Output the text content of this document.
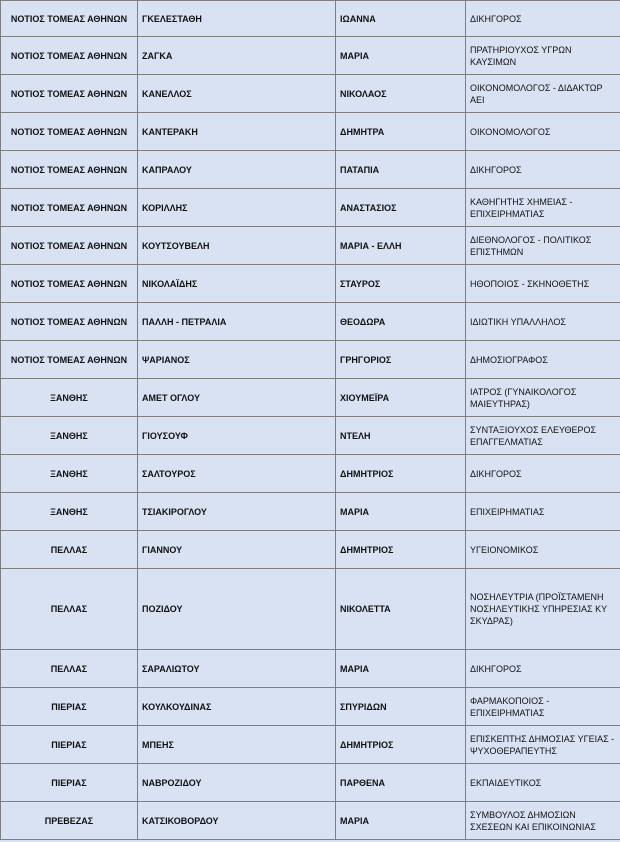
ΝΟΤΙΟΣ ΤΟΜΕΑΣ ΑΘΗΝΩΝ	ΓΚΕΛΕΣΤΑΘΗ	ΙΩΑΝΝΑ	ΔΙΚΗΓΟΡΟΣ
ΝΟΤΙΟΣ ΤΟΜΕΑΣ ΑΘΗΝΩΝ	ΖΑΓΚΑ	ΜΑΡΙΑ	ΠΡΑΤΗΡΙΟΥΧΟΣ ΥΓΡΩΝ ΚΑΥΣΙΜΩΝ
ΝΟΤΙΟΣ ΤΟΜΕΑΣ ΑΘΗΝΩΝ	ΚΑΝΕΛΛΟΣ	ΝΙΚΟΛΑΟΣ	ΟΙΚΟΝΟΜΟΛΟΓΟΣ - ΔΙΔΑΚΤΩΡ ΑΕΙ
ΝΟΤΙΟΣ ΤΟΜΕΑΣ ΑΘΗΝΩΝ	ΚΑΝΤΕΡΑΚΗ	ΔΗΜΗΤΡΑ	ΟΙΚΟΝΟΜΟΛΟΓΟΣ
ΝΟΤΙΟΣ ΤΟΜΕΑΣ ΑΘΗΝΩΝ	ΚΑΠΡΑΛΟΥ	ΠΑΤΑΠΙΑ	ΔΙΚΗΓΟΡΟΣ
ΝΟΤΙΟΣ ΤΟΜΕΑΣ ΑΘΗΝΩΝ	ΚΟΡΙΛΛΗΣ	ΑΝΑΣΤΑΣΙΟΣ	ΚΑΘΗΓΗΤΗΣ ΧΗΜΕΙΑΣ - ΕΠΙΧΕΙΡΗΜΑΤΙΑΣ
ΝΟΤΙΟΣ ΤΟΜΕΑΣ ΑΘΗΝΩΝ	ΚΟΥΤΣΟΥΒΕΛΗ	ΜΑΡΙΑ - ΕΛΛΗ	ΔΙΕΘΝΟΛΟΓΟΣ - ΠΟΛΙΤΙΚΟΣ ΕΠΙΣΤΗΜΩΝ
ΝΟΤΙΟΣ ΤΟΜΕΑΣ ΑΘΗΝΩΝ	ΝΙΚΟΛΑΪΔΗΣ	ΣΤΑΥΡΟΣ	ΗΘΟΠΟΙΟΣ - ΣΚΗΝΟΘΕΤΗΣ
ΝΟΤΙΟΣ ΤΟΜΕΑΣ ΑΘΗΝΩΝ	ΠΑΛΛΗ - ΠΕΤΡΑΛΙΑ	ΘΕΟΔΩΡΑ	ΙΔΙΩΤΙΚΗ ΥΠΑΛΛΗΛΟΣ
ΝΟΤΙΟΣ ΤΟΜΕΑΣ ΑΘΗΝΩΝ	ΨΑΡΙΑΝΟΣ	ΓΡΗΓΟΡΙΟΣ	ΔΗΜΟΣΙΟΓΡΑΦΟΣ
ΞΑΝΘΗΣ	ΑΜΕΤ ΟΓΛΟΥ	ΧΙΟΥΜΕΪΡΑ	ΙΑΤΡΟΣ (ΓΥΝΑΙΚΟΛΟΓΟΣ ΜΑΙΕΥΤΗΡΑΣ)
ΞΑΝΘΗΣ	ΓΙΟΥΣΟΥΦ	ΝΤΕΛΗ	ΣΥΝΤΑΞΙΟΥΧΟΣ ΕΛΕΥΘΕΡΟΣ ΕΠΑΓΓΕΛΜΑΤΙΑΣ
ΞΑΝΘΗΣ	ΣΑΛΤΟΥΡΟΣ	ΔΗΜΗΤΡΙΟΣ	ΔΙΚΗΓΟΡΟΣ
ΞΑΝΘΗΣ	ΤΣΙΑΚΙΡΟΓΛΟΥ	ΜΑΡΙΑ	ΕΠΙΧΕΙΡΗΜΑΤΙΑΣ
ΠΕΛΛΑΣ	ΓΙΑΝΝΟΥ	ΔΗΜΗΤΡΙΟΣ	ΥΓΕΙΟΝΟΜΙΚΟΣ
ΠΕΛΛΑΣ	ΠΟΖΙΔΟΥ	ΝΙΚΟΛΕΤΤΑ	ΝΟΣΗΛΕΥΤΡΙΑ (ΠΡΟΪΣΤΑΜΕΝΗ ΝΟΣΗΛΕΥΤΙΚΗΣ ΥΠΗΡΕΣΙΑΣ ΚΥ ΣΚΥΔΡΑΣ)
ΠΕΛΛΑΣ	ΣΑΡΑΛΙΩΤΟΥ	ΜΑΡΙΑ	ΔΙΚΗΓΟΡΟΣ
ΠΙΕΡΙΑΣ	ΚΟΥΛΚΟΥΔΙΝΑΣ	ΣΠΥΡΙΔΩΝ	ΦΑΡΜΑΚΟΠΟΙΟΣ - ΕΠΙΧΕΙΡΗΜΑΤΙΑΣ
ΠΙΕΡΙΑΣ	ΜΠΕΗΣ	ΔΗΜΗΤΡΙΟΣ	ΕΠΙΣΚΕΠΤΗΣ ΔΗΜΟΣΙΑΣ ΥΓΕΙΑΣ - ΨΥΧΟΘΕΡΑΠΕΥΤΗΣ
ΠΙΕΡΙΑΣ	ΝΑΒΡΟΖΙΔΟΥ	ΠΑΡΘΕΝΑ	ΕΚΠΑΙΔΕΥΤΙΚΟΣ
ΠΡΕΒΕΖΑΣ	ΚΑΤΣΙΚΟΒΟΡΔΟΥ	ΜΑΡΙΑ	ΣΥΜΒΟΥΛΟΣ ΔΗΜΟΣΙΩΝ ΣΧΕΣΕΩΝ ΚΑΙ ΕΠΙΚΟΙΝΩΝΙΑΣ
